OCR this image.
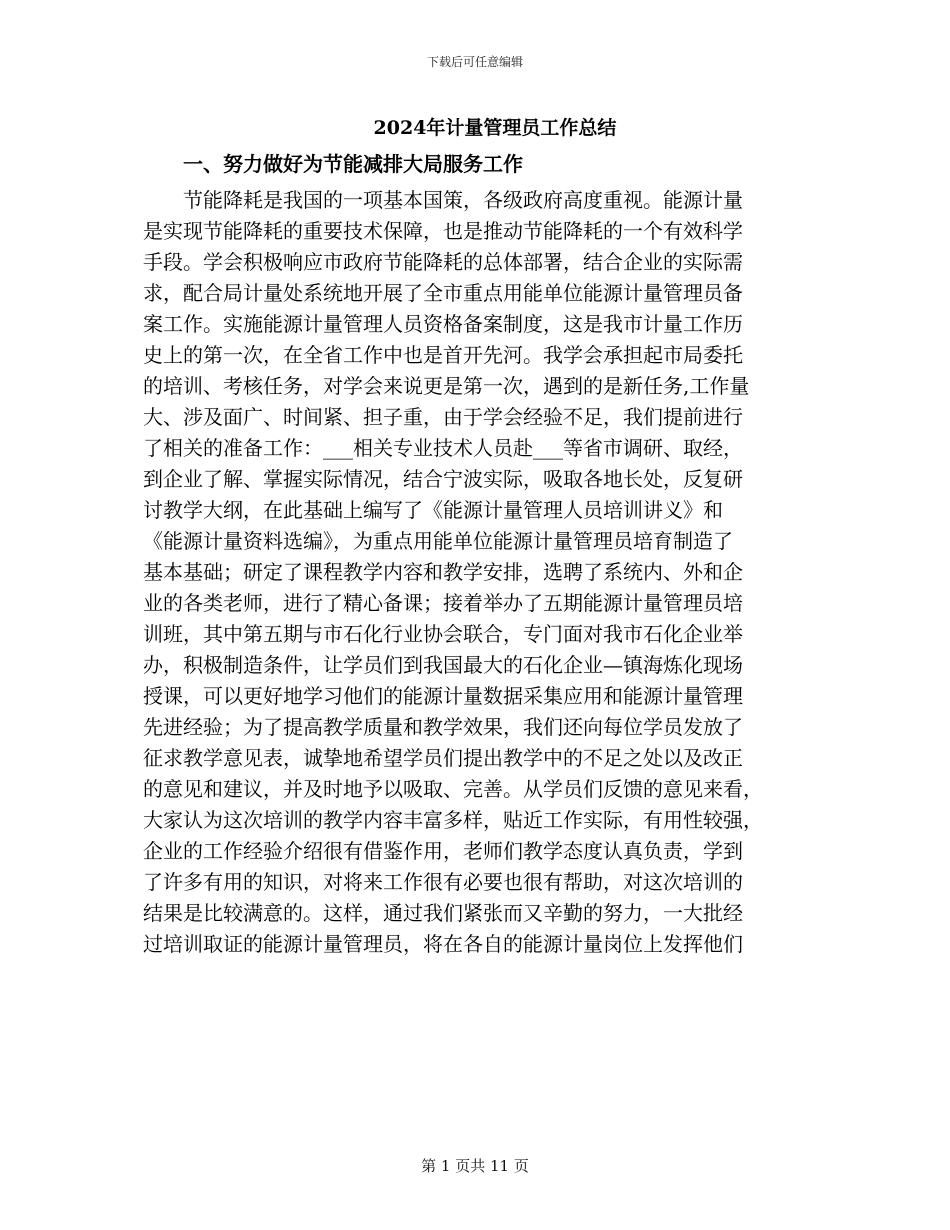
下载后可任意编辑
2024年计量管理员工作总结
一、努力做好为节能减排大局服务工作
节能降耗是我国的一项基本国策，各级政府高度重视。能源计量
是实现节能降耗的重要技术保障，也是推动节能降耗的一个有效科学
手段。学会积极响应市政府节能降耗的总体部署，结合企业的实际需
求，配合局计量处系统地开展了全市重点用能单位能源计量管理员备
案工作。实施能源计量管理人员资格备案制度，这是我市计量工作历
史上的第一次，在全省工作中也是首开先河。我学会承担起市局委托
的培训、考核任务，对学会来说更是第一次，遇到的是新任务,工作量
大、涉及面广、时间紧、担子重，由于学会经验不足，我们提前进行
了相关的准备工作：___相关专业技术人员赴___等省市调研、取经，
到企业了解、掌握实际情况，结合宁波实际，吸取各地长处，反复研
讨教学大纲，在此基础上编写了《能源计量管理人员培训讲义》和
《能源计量资料选编》，为重点用能单位能源计量管理员培育制造了
基本基础；研定了课程教学内容和教学安排，选聘了系统内、外和企
业的各类老师，进行了精心备课；接着举办了五期能源计量管理员培
训班，其中第五期与市石化行业协会联合，专门面对我市石化企业举
办，积极制造条件，让学员们到我国最大的石化企业—镇海炼化现场
授课，可以更好地学习他们的能源计量数据采集应用和能源计量管理
先进经验；为了提高教学质量和教学效果，我们还向每位学员发放了
征求教学意见表，诚挚地希望学员们提出教学中的不足之处以及改正
的意见和建议，并及时地予以吸取、完善。从学员们反馈的意见来看，
大家认为这次培训的教学内容丰富多样，贴近工作实际，有用性较强，
企业的工作经验介绍很有借鉴作用，老师们教学态度认真负责，学到
了许多有用的知识，对将来工作很有必要也很有帮助，对这次培训的
结果是比较满意的。这样，通过我们紧张而又辛勤的努力，一大批经
过培训取证的能源计量管理员，将在各自的能源计量岗位上发挥他们
第 1 页共 11 页
